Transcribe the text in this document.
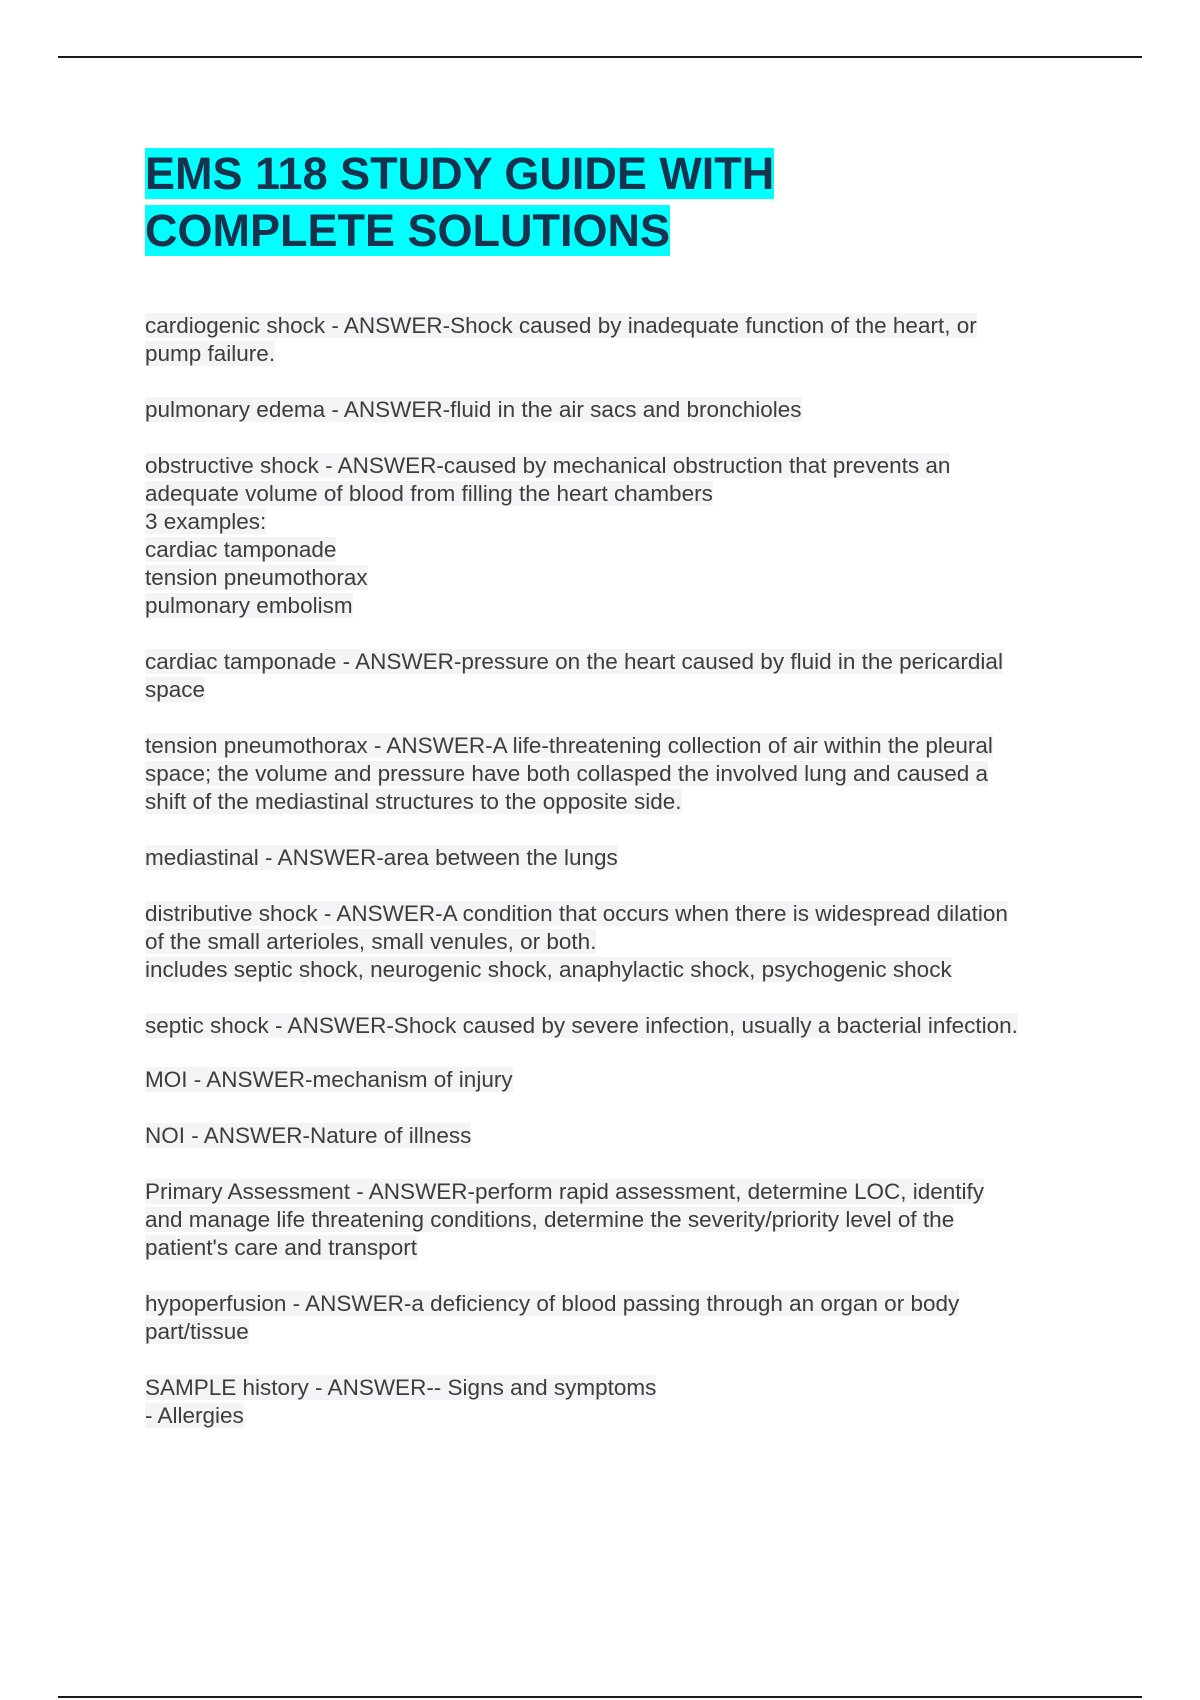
EMS 118 STUDY GUIDE WITH
COMPLETE SOLUTIONS

cardiogenic shock - ANSWER-Shock caused by inadequate function of the heart, or
pump failure.

pulmonary edema - ANSWER-fluid in the air sacs and bronchioles

obstructive shock - ANSWER-caused by mechanical obstruction that prevents an
adequate volume of blood from filling the heart chambers
3 examples:
cardiac tamponade
tension pneumothorax
pulmonary embolism

cardiac tamponade - ANSWER-pressure on the heart caused by fluid in the pericardial
space

tension pneumothorax - ANSWER-A life-threatening collection of air within the pleural
space; the volume and pressure have both collasped the involved lung and caused a
shift of the mediastinal structures to the opposite side.

mediastinal - ANSWER-area between the lungs

distributive shock - ANSWER-A condition that occurs when there is widespread dilation
of the small arterioles, small venules, or both.
includes septic shock, neurogenic shock, anaphylactic shock, psychogenic shock

septic shock - ANSWER-Shock caused by severe infection, usually a bacterial infection.

MOI - ANSWER-mechanism of injury

NOI - ANSWER-Nature of illness

Primary Assessment - ANSWER-perform rapid assessment, determine LOC, identify
and manage life threatening conditions, determine the severity/priority level of the
patient's care and transport

hypoperfusion - ANSWER-a deficiency of blood passing through an organ or body
part/tissue

SAMPLE history - ANSWER-- Signs and symptoms
- Allergies
